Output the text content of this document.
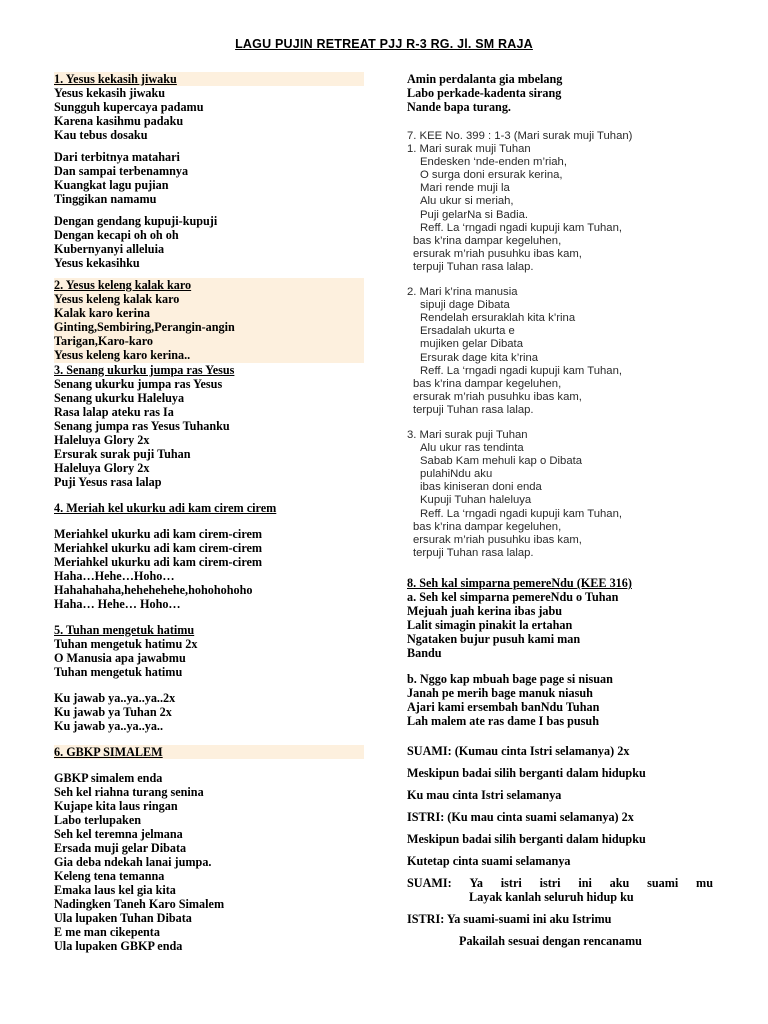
LAGU PUJIN RETREAT PJJ R-3 RG. Jl. SM RAJA
1. Yesus kekasih jiwaku
Yesus kekasih jiwaku
Sungguh kupercaya padamu
Karena kasihmu padaku
Kau tebus dosaku
Dari terbitnya matahari
Dan sampai terbenamnya
Kuangkat lagu pujian
Tinggikan namamu
Dengan gendang kupuji-kupuji
Dengan kecapi oh oh oh
Kubernyanyi alleluia
Yesus kekasihku
2. Yesus keleng kalak karo
Yesus keleng kalak karo
Kalak karo kerina
Ginting,Sembiring,Perangin-angin
Tarigan,Karo-karo
Yesus keleng karo kerina..
3. Senang ukurku jumpa ras Yesus
Senang ukurku jumpa ras Yesus
Senang ukurku Haleluya
Rasa lalap ateku ras Ia
Senang jumpa ras Yesus Tuhanku
Haleluya Glory 2x
Ersurak surak puji Tuhan
Haleluya Glory 2x
Puji Yesus rasa lalap
4. Meriah kel ukurku adi kam cirem cirem
Meriahkel ukurku adi kam cirem-cirem
Meriahkel ukurku adi kam cirem-cirem
Meriahkel ukurku adi kam cirem-cirem
Haha…Hehe…Hoho…
Hahahahaha,hehehehehe,hohohohoho
Haha… Hehe… Hoho…
5. Tuhan mengetuk hatimu
Tuhan mengetuk hatimu 2x
O Manusia apa jawabmu
Tuhan mengetuk hatimu
Ku jawab ya..ya..ya..2x
Ku jawab ya Tuhan 2x
Ku jawab ya..ya..ya..
6. GBKP SIMALEM
GBKP simalem enda
Seh kel riahna turang senina
Kujape kita laus ringan
Labo terlupaken
Seh kel teremna jelmana
Ersada muji gelar Dibata
Gia deba ndekah lanai jumpa.
Keleng tena temanna
Emaka laus kel gia kita
Nadingken Taneh Karo Simalem
Ula lupaken Tuhan Dibata
E me man cikepenta
Ula lupaken GBKP enda
Amin perdalanta gia mbelang
Labo perkade-kadenta sirang
Nande bapa turang.
7. KEE No. 399 : 1-3 (Mari surak muji Tuhan)
1. Mari surak muji Tuhan
Endesken ‘nde-enden m’riah,
O surga doni ersurak kerina,
Mari rende muji la
Alu ukur si meriah,
Puji gelarNa si Badia.
Reff. La ‘rngadi ngadi kupuji kam Tuhan,
bas k’rina dampar kegeluhen,
ersurak m’riah pusuhku ibas kam,
terpuji Tuhan rasa lalap.
2. Mari k’rina manusia
sipuji dage Dibata
Rendelah ersuraklah kita k’rina
Ersadalah ukurta e
mujiken gelar Dibata
Ersurak dage kita k’rina
Reff. La ‘rngadi ngadi kupuji kam Tuhan,
bas k’rina dampar kegeluhen,
ersurak m’riah pusuhku ibas kam,
terpuji Tuhan rasa lalap.
3. Mari surak puji Tuhan
Alu ukur ras tendinta
Sabab Kam mehuli kap o Dibata
pulahiNdu aku
ibas kiniseran doni enda
Kupuji Tuhan haleluya
Reff. La ‘rngadi ngadi kupuji kam Tuhan,
bas k’rina dampar kegeluhen,
ersurak m’riah pusuhku ibas kam,
terpuji Tuhan rasa lalap.
8. Seh kal simparna pemereNdu (KEE 316)
a. Seh kel simparna pemereNdu o Tuhan
Mejuah juah kerina ibas jabu
Lalit simagin pinakit la ertahan
Ngataken bujur pusuh kami man
Bandu
b. Nggo kap mbuah bage page si nisuan
Janah pe merih bage manuk niasuh
Ajari kami ersembah banNdu Tuhan
Lah malem ate ras dame I bas pusuh
SUAMI: (Kumau cinta Istri selamanya) 2x
Meskipun badai silih berganti dalam hidupku
Ku mau cinta Istri selamanya
ISTRI: (Ku mau cinta suami selamanya) 2x
Meskipun badai silih berganti dalam hidupku
Kutetap cinta suami selamanya
SUAMI: Ya istri istri ini aku suami mu
Layak kanlah seluruh hidup ku
ISTRI: Ya suami-suami ini aku Istrimu
Pakailah sesuai dengan rencanamu
